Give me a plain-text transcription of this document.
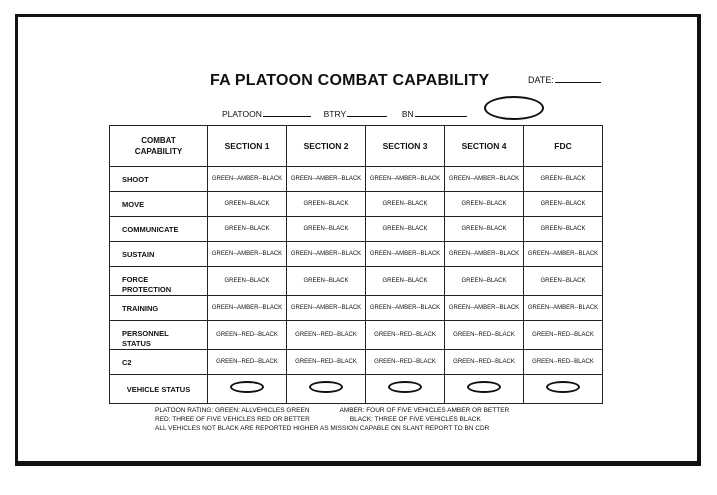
FA PLATOON COMBAT CAPABILITY	DATE:
PLATOON	BTRY	BN
COMBAT
CAPABILITY	SECTION 1	SECTION 2	SECTION 3	SECTION 4	FDC
SHOOT	GREEN--AMBER--BLACK	GREEN--AMBER--BLACK	GREEN--AMBER--BLACK	GREEN--AMBER--BLACK	GREEN--BLACK
MOVE	GREEN--BLACK	GREEN--BLACK	GREEN--BLACK	GREEN--BLACK	GREEN--BLACK
COMMUNICATE	GREEN--BLACK	GREEN--BLACK	GREEN--BLACK	GREEN--BLACK	GREEN--BLACK
SUSTAIN	GREEN--AMBER--BLACK	GREEN--AMBER--BLACK	GREEN--AMBER--BLACK	GREEN--AMBER--BLACK	GREEN--AMBER--BLACK
FORCE
PROTECTION	GREEN--BLACK	GREEN--BLACK	GREEN--BLACK	GREEN--BLACK	GREEN--BLACK
TRAINING	GREEN--AMBER--BLACK	GREEN--AMBER--BLACK	GREEN--AMBER--BLACK	GREEN--AMBER--BLACK	GREEN--AMBER--BLACK
PERSONNEL
STATUS	GREEN--RED--BLACK	GREEN--RED--BLACK	GREEN--RED--BLACK	GREEN--RED--BLACK	GREEN--RED--BLACK
C2	GREEN--RED--BLACK	GREEN--RED--BLACK	GREEN--RED--BLACK	GREEN--RED--BLACK	GREEN--RED--BLACK
VEHICLE STATUS					
PLATOON RATING: GREEN: ALLVEHICLES GREEN	AMBER: FOUR OF FIVE VEHICLES AMBER OR BETTER
RED: THREE OF FIVE VEHICLES RED OR BETTER	BLACK: THREE OF FIVE VEHICLES BLACK
ALL VEHICLES NOT BLACK ARE REPORTED HIGHER AS MISSION CAPABLE ON SLANT REPORT TO BN CDR
